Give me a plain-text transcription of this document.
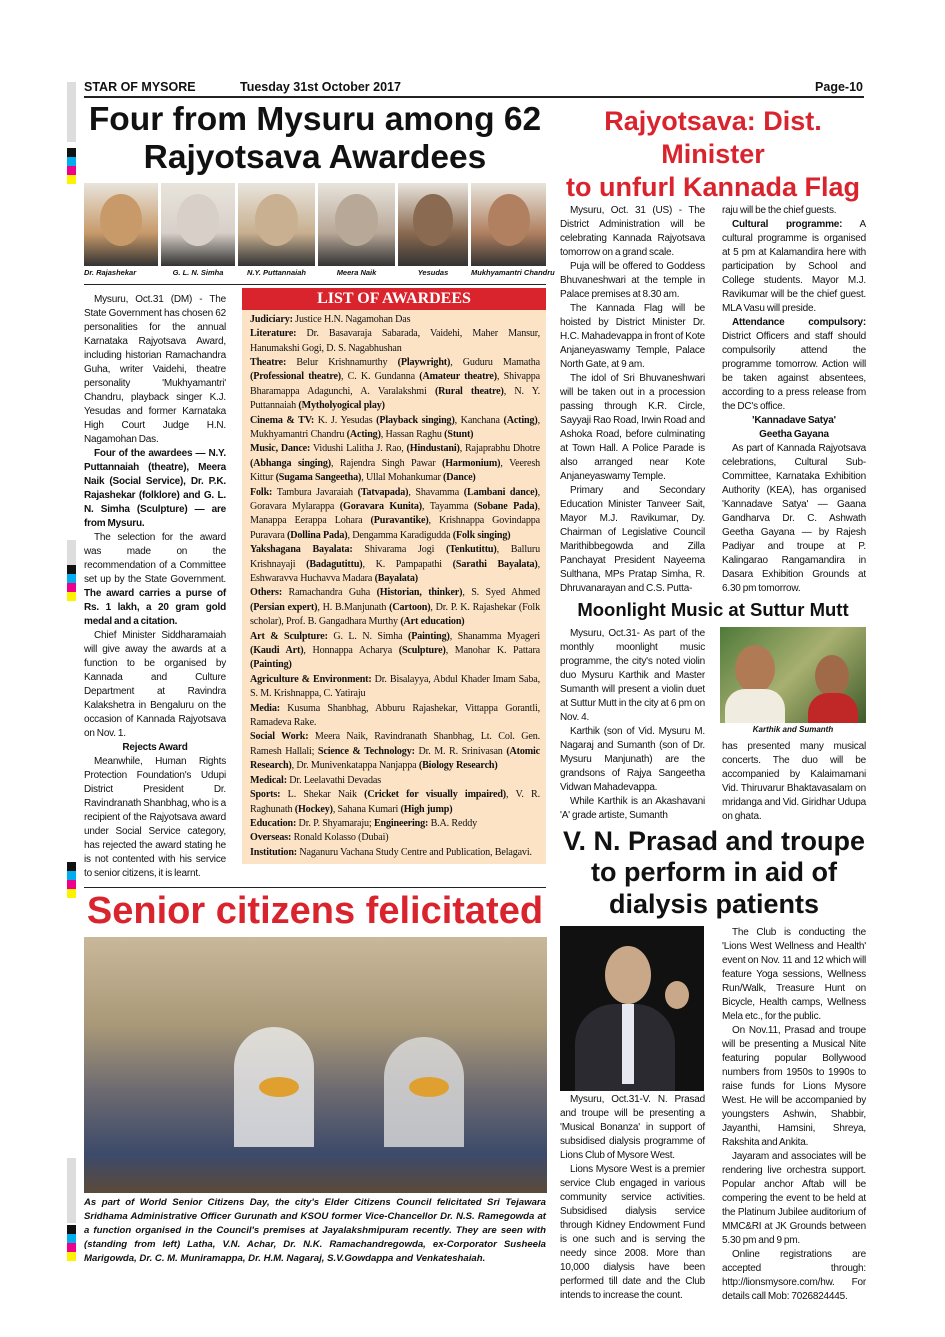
STAR OF MYSORE	Tuesday 31st October 2017	Page-10
Four from Mysuru among 62
Rajyotsava Awardees
Dr. Rajashekar	G. L. N. Simha	N.Y. Puttannaiah	Meera Naik	Yesudas	Mukhyamantri Chandru

Mysuru, Oct.31 (DM) - The State Government has chosen 62 personalities for the annual Karnataka Rajyotsava Award, including historian Ramachandra Guha, writer Vaidehi, theatre personality 'Mukhyamantri' Chandru, playback singer K.J. Yesudas and former Karnataka High Court Judge H.N. Nagamohan Das.

Four of the awardees — N.Y. Puttannaiah (theatre), Meera Naik (Social Service), Dr. P.K. Rajashekar (folklore) and G. L. N. Simha (Sculpture) — are from Mysuru.

The selection for the award was made on the recommendation of a Committee set up by the State Government. The award carries a purse of Rs. 1 lakh, a 20 gram gold medal and a citation.

Chief Minister Siddharamaiah will give away the awards at a function to be organised by Kannada and Culture Department at Ravindra Kalakshetra in Bengaluru on the occasion of Kannada Rajyotsava on Nov. 1.

Rejects Award

Meanwhile, Human Rights Protection Foundation's Udupi District President Dr. Ravindranath Shanbhag, who is a recipient of the Rajyotsava award under Social Service category, has rejected the award stating he is not contented with his service to senior citizens, it is learnt.

LIST OF AWARDEES
Judiciary: Justice H.N. Nagamohan Das
Literature: Dr. Basavaraja Sabarada, Vaidehi, Maher Mansur, Hanumakshi Gogi, D. S. Nagabhushan
Theatre: Belur Krishnamurthy (Playwright), Guduru Mamatha (Professional theatre), C. K. Gundanna (Amateur theatre), Shivappa Bharamappa Adagunchi, A. Varalakshmi (Rural theatre), N. Y. Puttannaiah (Mytholyogical play)
Cinema & TV: K. J. Yesudas (Playback singing), Kanchana (Acting), Mukhyamantri Chandru (Acting), Hassan Raghu (Stunt)
Music, Dance: Vidushi Lalitha J. Rao, (Hindustani), Rajaprabhu Dhotre (Abhanga singing), Rajendra Singh Pawar (Harmonium), Veeresh Kittur (Sugama Sangeetha), Ullal Mohankumar (Dance)
Folk: Tambura Javaraiah (Tatvapada), Shavamma (Lambani dance), Goravara Mylarappa (Goravara Kunita), Tayamma (Sobane Pada), Manappa Eerappa Lohara (Puravantike), Krishnappa Govindappa Puravara (Dollina Pada), Dengamma Karadigudda (Folk singing)
Yakshagana Bayalata: Shivarama Jogi (Tenkutittu), Balluru Krishnayaji (Badagutittu), K. Pampapathi (Sarathi Bayalata), Eshwaravva Huchavva Madara (Bayalata)
Others: Ramachandra Guha (Historian, thinker), S. Syed Ahmed (Persian expert), H. B.Manjunath (Cartoon), Dr. P. K. Rajashekar (Folk scholar), Prof. B. Gangadhara Murthy (Art education)
Art & Sculpture: G. L. N. Simha (Painting), Shanamma Myageri (Kaudi Art), Honnappa Acharya (Sculpture), Manohar K. Pattara (Painting)
Agriculture & Environment: Dr. Bisalayya, Abdul Khader Imam Saba, S. M. Krishnappa, C. Yatiraju
Media: Kusuma Shanbhag, Abburu Rajashekar, Vittappa Gorantli, Ramadeva Rake.
Social Work: Meera Naik, Ravindranath Shanbhag, Lt. Col. Gen. Ramesh Hallali; Science & Technology: Dr. M. R. Srinivasan (Atomic Research), Dr. Munivenkatappa Nanjappa (Biology Research)
Medical: Dr. Leelavathi Devadas
Sports: L. Shekar Naik (Cricket for visually impaired), V. R. Raghunath (Hockey), Sahana Kumari (High jump)
Education: Dr. P. Shyamaraju; Engineering: B.A. Reddy
Overseas: Ronald Kolasso (Dubai)
Institution: Naganuru Vachana Study Centre and Publication, Belagavi.
Senior citizens felicitated
As part of World Senior Citizens Day, the city's Elder Citizens Council felicitated Sri Tejawara Sridhama Administrative Officer Gurunath and KSOU former Vice-Chancellor Dr. N.S. Ramegowda at a function organised in the Council's premises at Jayalakshmipuram recently. They are seen with (standing from left) Latha, V.N. Achar, Dr. N.K. Ramachandregowda, ex-Corporator Susheela Marigowda, Dr. C. M. Muniramappa, Dr. H.M. Nagaraj, S.V.Gowdappa and Venkateshaiah.
Rajyotsava: Dist. Minister
to unfurl Kannada Flag

Mysuru, Oct. 31 (US) - The District Administration will be celebrating Kannada Rajyotsava tomorrow on a grand scale.

Puja will be offered to Goddess Bhuvaneshwari at the temple in Palace premises at 8.30 am.

The Kannada Flag will be hoisted by District Minister Dr. H.C. Mahadevappa in front of Kote Anjaneyaswamy Temple, Palace North Gate, at 9 am.

The idol of Sri Bhuvaneshwari will be taken out in a procession passing through K.R. Circle, Sayyaji Rao Road, Irwin Road and Ashoka Road, before culminating at Town Hall. A Police Parade is also arranged near Kote Anjaneyaswamy Temple.

Primary and Secondary Education Minister Tanveer Sait, Mayor M.J. Ravikumar, Dy. Chairman of Legislative Council Marithibbegowda and Zilla Panchayat President Nayeema Sulthana, MPs Pratap Simha, R. Dhruvanarayan and C.S. Putta-

raju will be the chief guests.

Cultural programme: A cultural programme is organised at 5 pm at Kalamandira here with participation by School and College students. Mayor M.J. Ravikumar will be the chief guest. MLA Vasu will preside.

Attendance compulsory: District Officers and staff should compulsorily attend the programme tomorrow. Action will be taken against absentees, according to a press release from the DC's office.

'Kannadave Satya'

Geetha Gayana

As part of Kannada Rajyotsava celebrations, Cultural Sub-Committee, Karnataka Exhibition Authority (KEA), has organised 'Kannadave Satya' — Gaana Gandharva Dr. C. Ashwath Geetha Gayana — by Rajesh Padiyar and troupe at P. Kalingarao Rangamandira in Dasara Exhibition Grounds at 6.30 pm tomorrow.

Moonlight Music at Suttur Mutt

Mysuru, Oct.31- As part of the monthly moonlight music programme, the city's noted violin duo Mysuru Karthik and Master Sumanth will present a violin duet at Suttur Mutt in the city at 6 pm on Nov. 4.

Karthik (son of Vid. Mysuru M. Nagaraj and Sumanth (son of Dr. Mysuru Manjunath) are the grandsons of Rajya Sangeetha Vidwan Mahadevappa.

While Karthik is an Akashavani 'A' grade artiste, Sumanth

Karthik and Sumanth

has presented many musical concerts. The duo will be accompanied by Kalaimamani Vid. Thiruvarur Bhaktavasalam on mridanga and Vid. Giridhar Udupa on ghata.

V. N. Prasad and troupe
to perform in aid of
dialysis patients

Mysuru, Oct.31-V. N. Prasad and troupe will be presenting a 'Musical Bonanza' in support of subsidised dialysis programme of Lions Club of Mysore West.

Lions Mysore West is a premier service Club engaged in various community service activities. Subsidised dialysis service through Kidney Endowment Fund is one such and is serving the needy since 2008. More than 10,000 dialysis have been performed till date and the Club intends to increase the count.

The Club is conducting the 'Lions West Wellness and Health' event on Nov. 11 and 12 which will feature Yoga sessions, Wellness Run/Walk, Treasure Hunt on Bicycle, Health camps, Wellness Mela etc., for the public.

On Nov.11, Prasad and troupe will be presenting a Musical Nite featuring popular Bollywood numbers from 1950s to 1990s to raise funds for Lions Mysore West. He will be accompanied by youngsters Ashwin, Shabbir, Jayanthi, Hamsini, Shreya, Rakshita and Ankita.

Jayaram and associates will be rendering live orchestra support. Popular anchor Aftab will be compering the event to be held at the Platinum Jubilee auditorium of MMC&RI at JK Grounds between 5.30 pm and 9 pm.

Online registrations are accepted through: http://lionsmysore.com/hw. For details call Mob: 7026824445.
